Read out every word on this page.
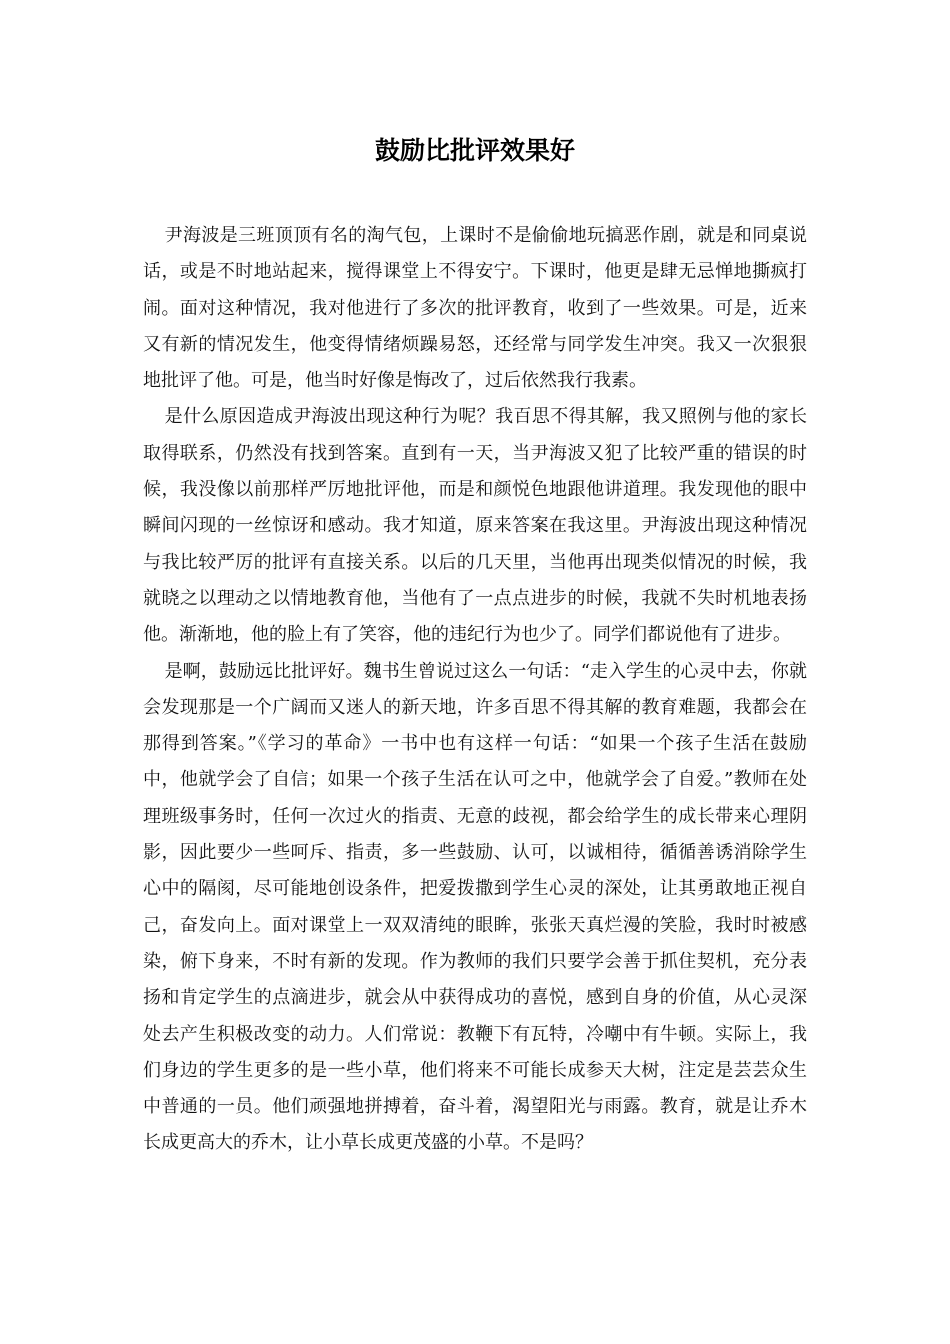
鼓励比批评效果好

尹海波是三班顶顶有名的淘气包，上课时不是偷偷地玩搞恶作剧，就是和同桌说话，或是不时地站起来，搅得课堂上不得安宁。下课时，他更是肆无忌惮地撕疯打闹。面对这种情况，我对他进行了多次的批评教育，收到了一些效果。可是，近来又有新的情况发生，他变得情绪烦躁易怒，还经常与同学发生冲突。我又一次狠狠地批评了他。可是，他当时好像是悔改了，过后依然我行我素。

是什么原因造成尹海波出现这种行为呢？我百思不得其解，我又照例与他的家长取得联系，仍然没有找到答案。直到有一天，当尹海波又犯了比较严重的错误的时候，我没像以前那样严厉地批评他，而是和颜悦色地跟他讲道理。我发现他的眼中瞬间闪现的一丝惊讶和感动。我才知道，原来答案在我这里。尹海波出现这种情况与我比较严厉的批评有直接关系。以后的几天里，当他再出现类似情况的时候，我就晓之以理动之以情地教育他，当他有了一点点进步的时候，我就不失时机地表扬他。渐渐地，他的脸上有了笑容，他的违纪行为也少了。同学们都说他有了进步。

是啊，鼓励远比批评好。魏书生曾说过这么一句话：“走入学生的心灵中去，你就会发现那是一个广阔而又迷人的新天地，许多百思不得其解的教育难题，我都会在那得到答案。”《学习的革命》一书中也有这样一句话：“如果一个孩子生活在鼓励中，他就学会了自信；如果一个孩子生活在认可之中，他就学会了自爱。”教师在处理班级事务时，任何一次过火的指责、无意的歧视，都会给学生的成长带来心理阴影，因此要少一些呵斥、指责，多一些鼓励、认可，以诚相待，循循善诱消除学生心中的隔阂，尽可能地创设条件，把爱拨撒到学生心灵的深处，让其勇敢地正视自己，奋发向上。面对课堂上一双双清纯的眼眸，张张天真烂漫的笑脸，我时时被感染，俯下身来，不时有新的发现。作为教师的我们只要学会善于抓住契机，充分表扬和肯定学生的点滴进步，就会从中获得成功的喜悦，感到自身的价值，从心灵深处去产生积极改变的动力。人们常说：教鞭下有瓦特，冷嘲中有牛顿。实际上，我们身边的学生更多的是一些小草，他们将来不可能长成参天大树，注定是芸芸众生中普通的一员。他们顽强地拼搏着，奋斗着，渴望阳光与雨露。教育，就是让乔木长成更高大的乔木，让小草长成更茂盛的小草。不是吗？
